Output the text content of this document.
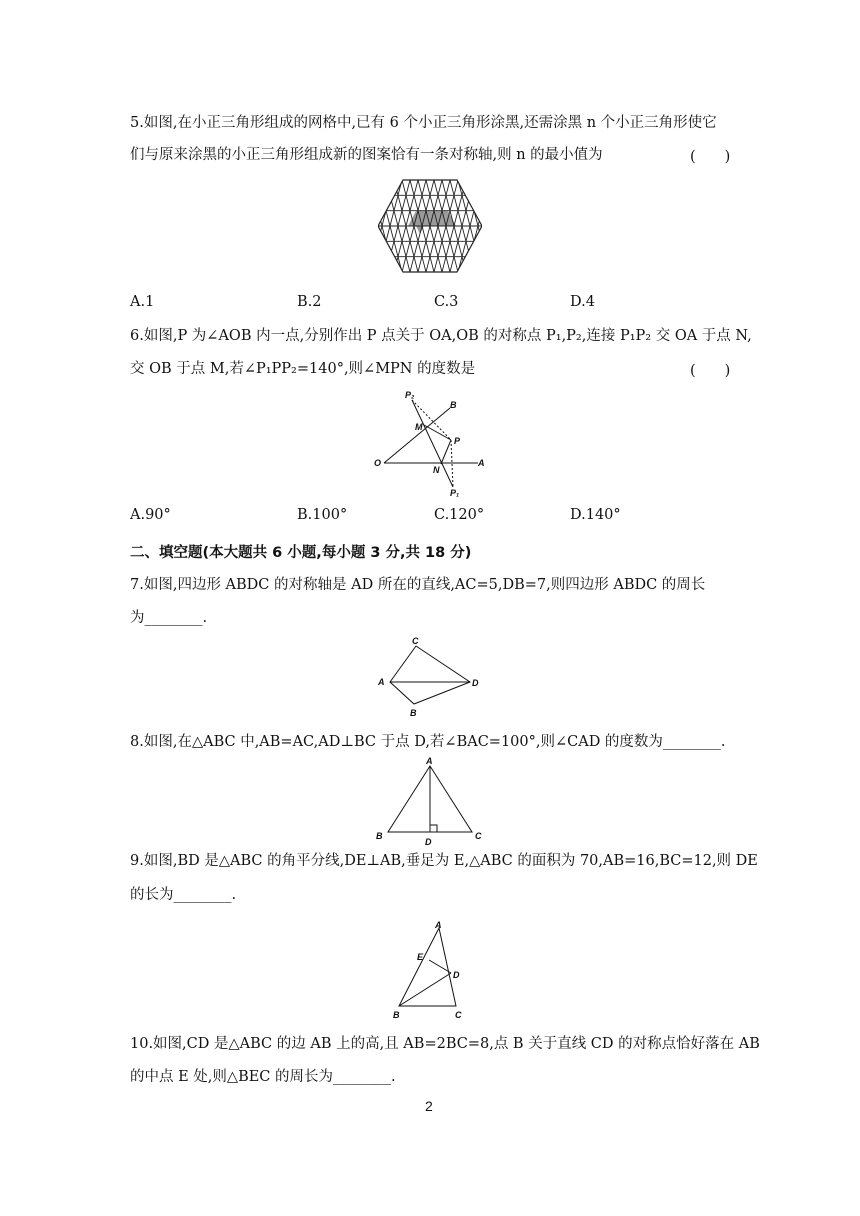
5.如图,在小正三角形组成的网格中,已有 6 个小正三角形涂黑,还需涂黑 n 个小正三角形使它
们与原来涂黑的小正三角形组成新的图案恰有一条对称轴,则 n 的最小值为	(　　)
A.1	B.2	C.3	D.4
6.如图,P 为∠AOB 内一点,分别作出 P 点关于 OA,OB 的对称点 P₁,P₂,连接 P₁P₂ 交 OA 于点 N,
交 OB 于点 M,若∠P₁PP₂=140°,则∠MPN 的度数是	(　　)
O	A
B
P
M
N
P₁
P₂
A.90°	B.100°	C.120°	D.140°
二、填空题(本大题共 6 小题,每小题 3 分,共 18 分)
7.如图,四边形 ABDC 的对称轴是 AD 所在的直线,AC=5,DB=7,则四边形 ABDC 的周长
为________.
C
A	D
B
8.如图,在△ABC 中,AB=AC,AD⊥BC 于点 D,若∠BAC=100°,则∠CAD 的度数为________.
A
B	C
D
9.如图,BD 是△ABC 的角平分线,DE⊥AB,垂足为 E,△ABC 的面积为 70,AB=16,BC=12,则 DE
的长为________.
A
E
D
B	C
10.如图,CD 是△ABC 的边 AB 上的高,且 AB=2BC=8,点 B 关于直线 CD 的对称点恰好落在 AB
的中点 E 处,则△BEC 的周长为________.
2
